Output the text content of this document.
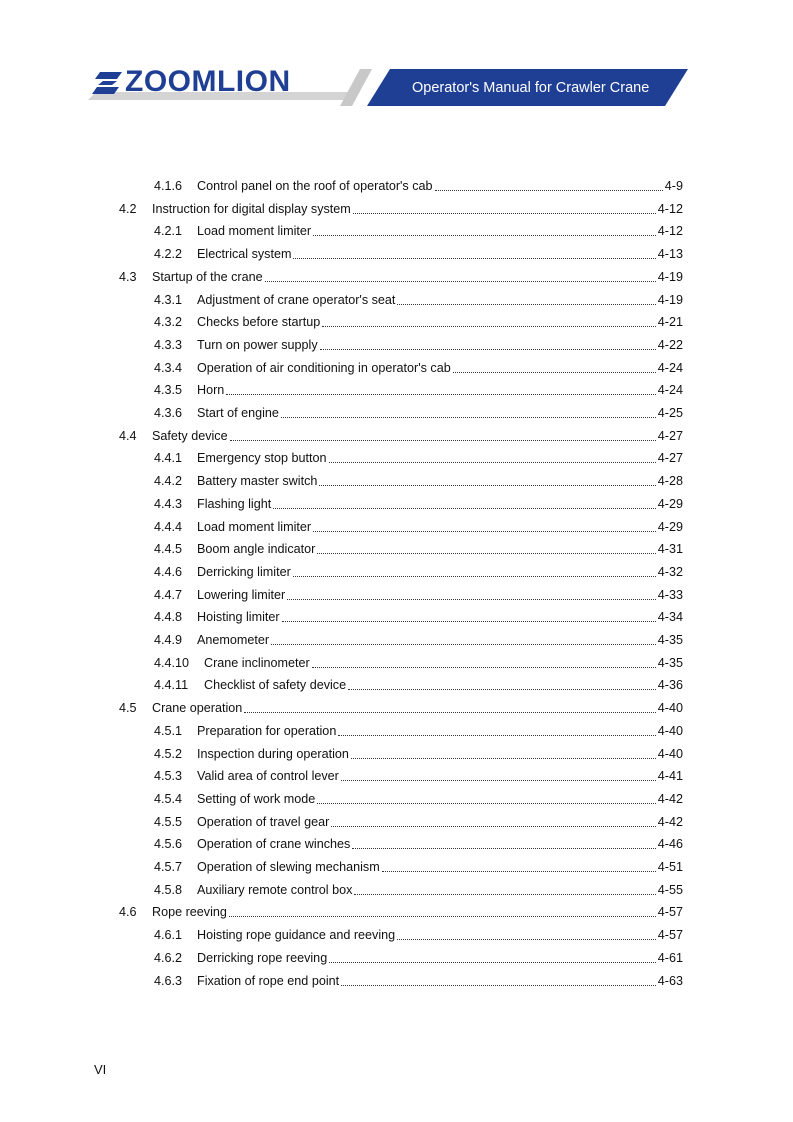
ZOOMLION	Operator's Manual for Crawler Crane
4.1.6	Control panel on the roof of operator's cab	4-9
4.2	Instruction for digital display system	4-12
4.2.1	Load moment limiter	4-12
4.2.2	Electrical system	4-13
4.3	Startup of the crane	4-19
4.3.1	Adjustment of crane operator's seat	4-19
4.3.2	Checks before startup	4-21
4.3.3	Turn on power supply	4-22
4.3.4	Operation of air conditioning in operator's cab	4-24
4.3.5	Horn	4-24
4.3.6	Start of engine	4-25
4.4	Safety device	4-27
4.4.1	Emergency stop button	4-27
4.4.2	Battery master switch	4-28
4.4.3	Flashing light	4-29
4.4.4	Load moment limiter	4-29
4.4.5	Boom angle indicator	4-31
4.4.6	Derricking limiter	4-32
4.4.7	Lowering limiter	4-33
4.4.8	Hoisting limiter	4-34
4.4.9	Anemometer	4-35
4.4.10	Crane inclinometer	4-35
4.4.11	Checklist of safety device	4-36
4.5	Crane operation	4-40
4.5.1	Preparation for operation	4-40
4.5.2	Inspection during operation	4-40
4.5.3	Valid area of control lever	4-41
4.5.4	Setting of work mode	4-42
4.5.5	Operation of travel gear	4-42
4.5.6	Operation of crane winches	4-46
4.5.7	Operation of slewing mechanism	4-51
4.5.8	Auxiliary remote control box	4-55
4.6	Rope reeving	4-57
4.6.1	Hoisting rope guidance and reeving	4-57
4.6.2	Derricking rope reeving	4-61
4.6.3	Fixation of rope end point	4-63
VI
